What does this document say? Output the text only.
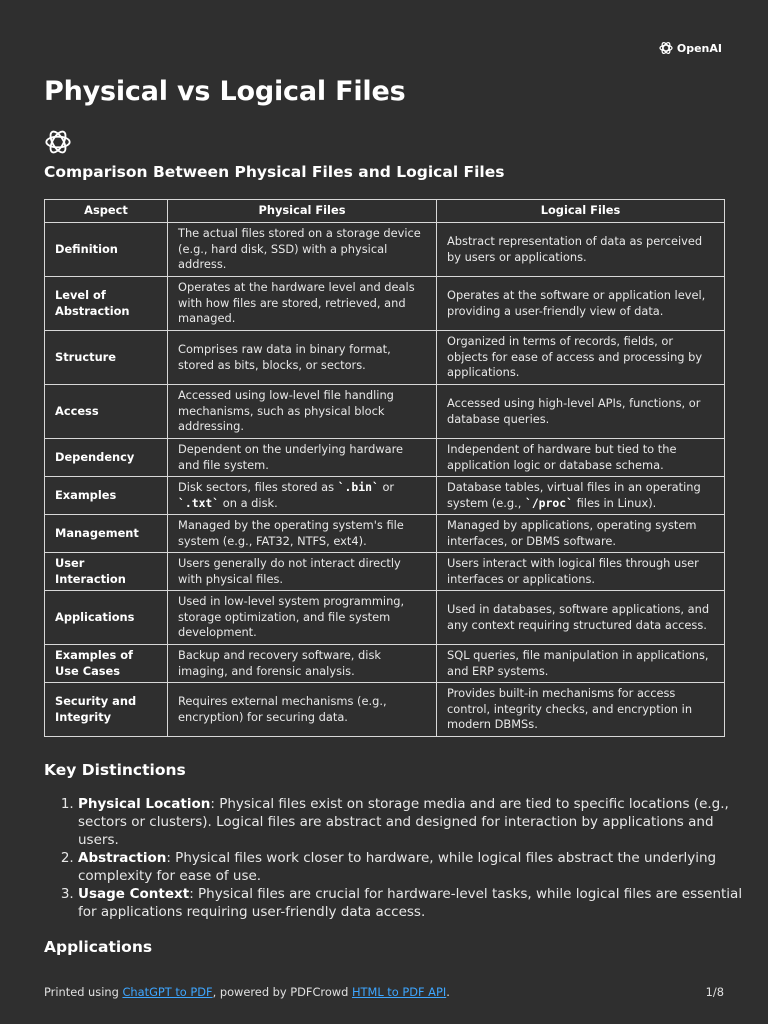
OpenAI
Physical vs Logical Files
Comparison Between Physical Files and Logical Files
Aspect	Physical Files	Logical Files
Definition	The actual files stored on a storage device (e.g., hard disk, SSD) with a physical address.	Abstract representation of data as perceived by users or applications.
Level of Abstraction	Operates at the hardware level and deals with how files are stored, retrieved, and managed.	Operates at the software or application level, providing a user-friendly view of data.
Structure	Comprises raw data in binary format, stored as bits, blocks, or sectors.	Organized in terms of records, fields, or objects for ease of access and processing by applications.
Access	Accessed using low-level file handling mechanisms, such as physical block addressing.	Accessed using high-level APIs, functions, or database queries.
Dependency	Dependent on the underlying hardware and file system.	Independent of hardware but tied to the application logic or database schema.
Examples	Disk sectors, files stored as `.bin` or `.txt` on a disk.	Database tables, virtual files in an operating system (e.g., `/proc` files in Linux).
Management	Managed by the operating system's file system (e.g., FAT32, NTFS, ext4).	Managed by applications, operating system interfaces, or DBMS software.
User Interaction	Users generally do not interact directly with physical files.	Users interact with logical files through user interfaces or applications.
Applications	Used in low-level system programming, storage optimization, and file system development.	Used in databases, software applications, and any context requiring structured data access.
Examples of Use Cases	Backup and recovery software, disk imaging, and forensic analysis.	SQL queries, file manipulation in applications, and ERP systems.
Security and Integrity	Requires external mechanisms (e.g., encryption) for securing data.	Provides built-in mechanisms for access control, integrity checks, and encryption in modern DBMSs.
Key Distinctions
1. Physical Location: Physical files exist on storage media and are tied to specific locations (e.g., sectors or clusters). Logical files are abstract and designed for interaction by applications and users.
2. Abstraction: Physical files work closer to hardware, while logical files abstract the underlying complexity for ease of use.
3. Usage Context: Physical files are crucial for hardware-level tasks, while logical files are essential for applications requiring user-friendly data access.
Applications
Printed using ChatGPT to PDF, powered by PDFCrowd HTML to PDF API.	1/8
